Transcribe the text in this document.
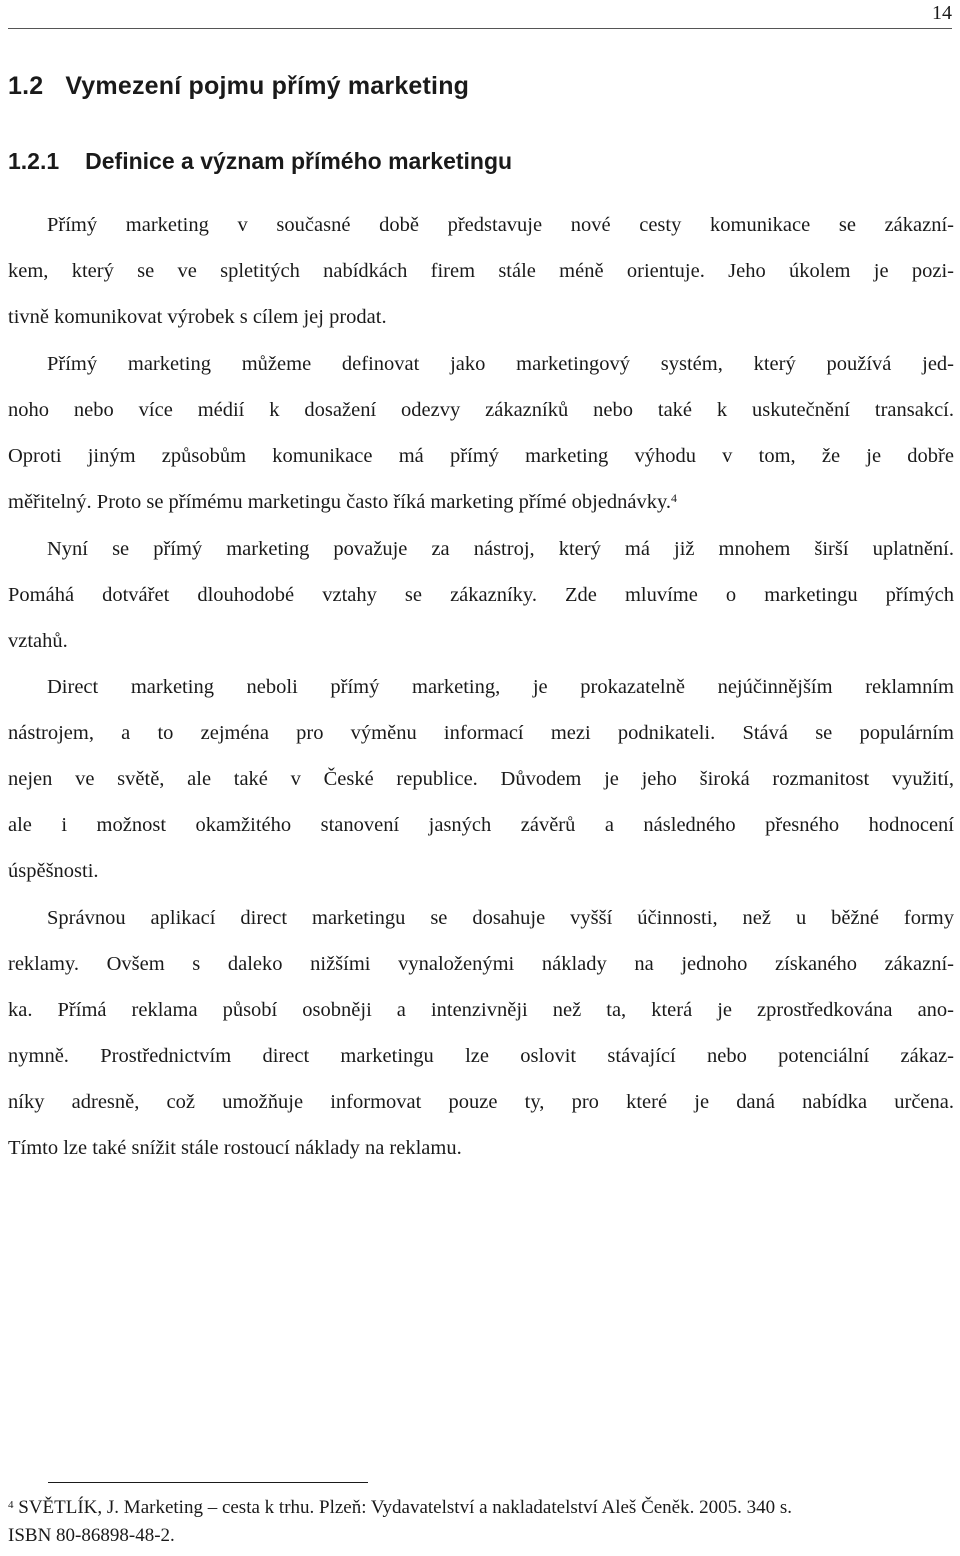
14
1.2 Vymezení pojmu přímý marketing
1.2.1 Definice a význam přímého marketingu
Přímý marketing v současné době představuje nové cesty komunikace se zákazní-
kem, který se ve spletitých nabídkách firem stále méně orientuje. Jeho úkolem je pozi-
tivně komunikovat výrobek s cílem jej prodat.
Přímý marketing můžeme definovat jako marketingový systém, který používá jed-
noho nebo více médií k dosažení odezvy zákazníků nebo také k uskutečnění transakcí.
Oproti jiným způsobům komunikace má přímý marketing výhodu v tom, že je dobře
měřitelný. Proto se přímému marketingu často říká marketing přímé objednávky.$^4$
Nyní se přímý marketing považuje za nástroj, který má již mnohem širší uplatnění.
Pomáhá dotvářet dlouhodobé vztahy se zákazníky. Zde mluvíme o marketingu přímých
vztahů.
Direct marketing neboli přímý marketing, je prokazatelně nejúčinnějším reklamním
nástrojem, a to zejména pro výměnu informací mezi podnikateli. Stává se populárním
nejen ve světě, ale také v České republice. Důvodem je jeho široká rozmanitost využití,
ale i možnost okamžitého stanovení jasných závěrů a následného přesného hodnocení
úspěšnosti.
Správnou aplikací direct marketingu se dosahuje vyšší účinnosti, než u běžné formy
reklamy. Ovšem s daleko nižšími vynaloženými náklady na jednoho získaného zákazní-
ka. Přímá reklama působí osobněji a intenzivněji než ta, která je zprostředkována ano-
nymně. Prostřednictvím direct marketingu lze oslovit stávající nebo potenciální zákaz-
níky adresně, což umožňuje informovat pouze ty, pro které je daná nabídka určena.
Tímto lze také snížit stále rostoucí náklady na reklamu.
$^4$ SVĚTLÍK, J. Marketing – cesta k trhu. Plzeň: Vydavatelství a nakladatelství Aleš Čeněk. 2005. 340 s.
ISBN 80-86898-48-2.
